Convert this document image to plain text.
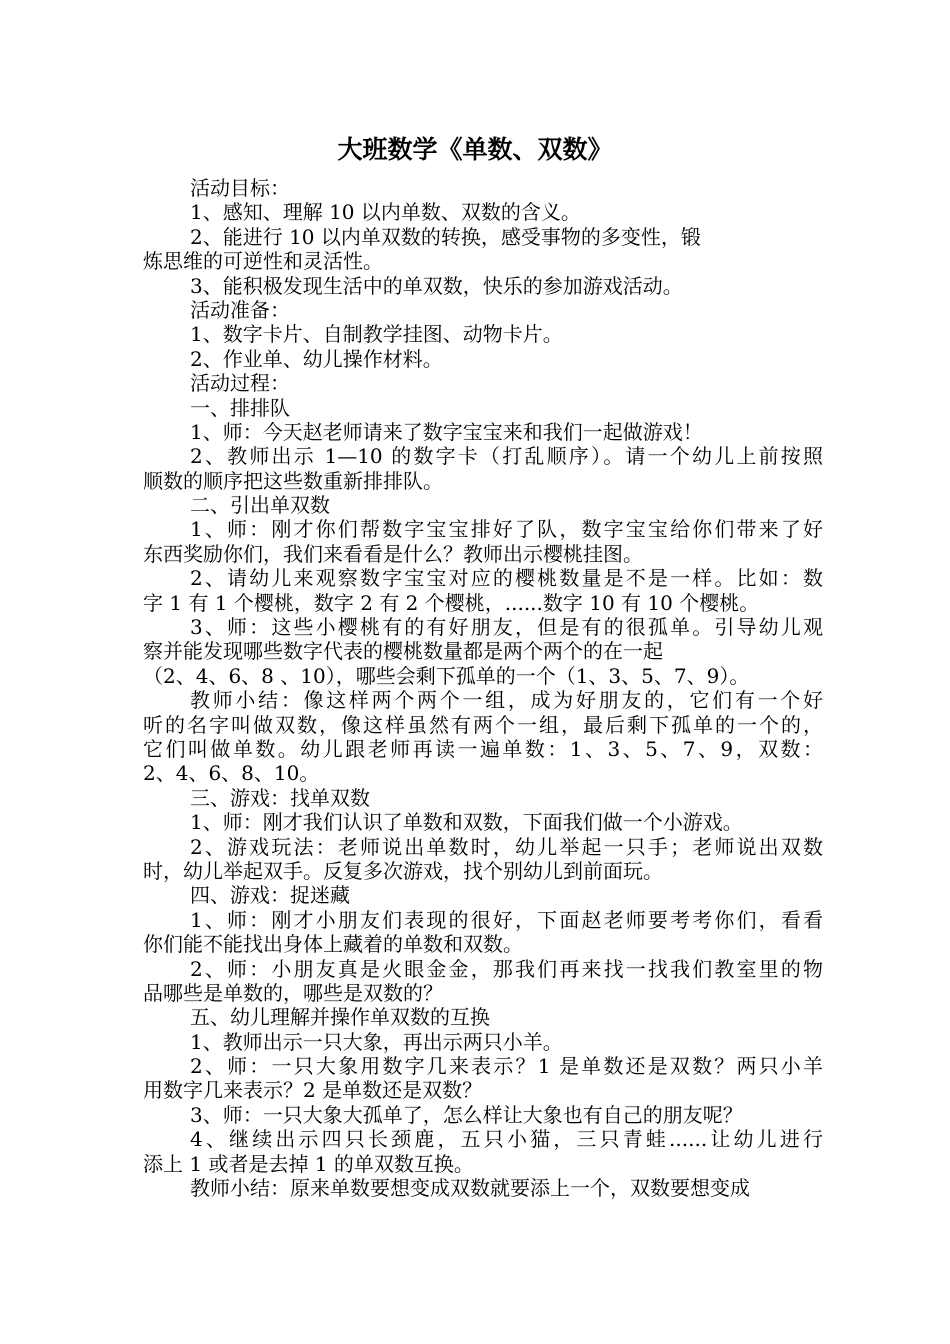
大班数学《单数、双数》
活动目标：
1、感知、理解 10 以内单数、双数的含义。
2、能进行 10 以内单双数的转换，感受事物的多变性，锻
炼思维的可逆性和灵活性。
3、能积极发现生活中的单双数，快乐的参加游戏活动。
活动准备：
1、数字卡片、自制教学挂图、动物卡片。
2、作业单、幼儿操作材料。
活动过程：
一、排排队
1、师：今天赵老师请来了数字宝宝来和我们一起做游戏！
2、教师出示 1—10 的数字卡（打乱顺序）。请一个幼儿上前按照
顺数的顺序把这些数重新排排队。
二、引出单双数
1、师：刚才你们帮数字宝宝排好了队，数字宝宝给你们带来了好
东西奖励你们，我们来看看是什么？教师出示樱桃挂图。
2、请幼儿来观察数字宝宝对应的樱桃数量是不是一样。比如：数
字 1 有 1 个樱桃，数字 2 有 2 个樱桃，......数字 10 有 10 个樱桃。
3、师：这些小樱桃有的有好朋友，但是有的很孤单。引导幼儿观
察并能发现哪些数字代表的樱桃数量都是两个两个的在一起
（2、4、6、8 、10），哪些会剩下孤单的一个（1、3、5、7、9）。
教师小结：像这样两个两个一组，成为好朋友的，它们有一个好
听的名字叫做双数，像这样虽然有两个一组，最后剩下孤单的一个的，
它们叫做单数。幼儿跟老师再读一遍单数：1、3、5、7、9，双数：
2、4、6、8、10。
三、游戏：找单双数
1、师：刚才我们认识了单数和双数，下面我们做一个小游戏。
2、游戏玩法：老师说出单数时，幼儿举起一只手；老师说出双数
时，幼儿举起双手。反复多次游戏，找个别幼儿到前面玩。
四、游戏：捉迷藏
1、师：刚才小朋友们表现的很好，下面赵老师要考考你们，看看
你们能不能找出身体上藏着的单数和双数。
2、师：小朋友真是火眼金金，那我们再来找一找我们教室里的物
品哪些是单数的，哪些是双数的？
五、幼儿理解并操作单双数的互换
1、教师出示一只大象，再出示两只小羊。
2、师：一只大象用数字几来表示？1 是单数还是双数？两只小羊
用数字几来表示？2 是单数还是双数？
3、师：一只大象大孤单了，怎么样让大象也有自己的朋友呢？
4、继续出示四只长颈鹿，五只小猫，三只青蛙......让幼儿进行
添上 1 或者是去掉 1 的单双数互换。
教师小结：原来单数要想变成双数就要添上一个，双数要想变成
